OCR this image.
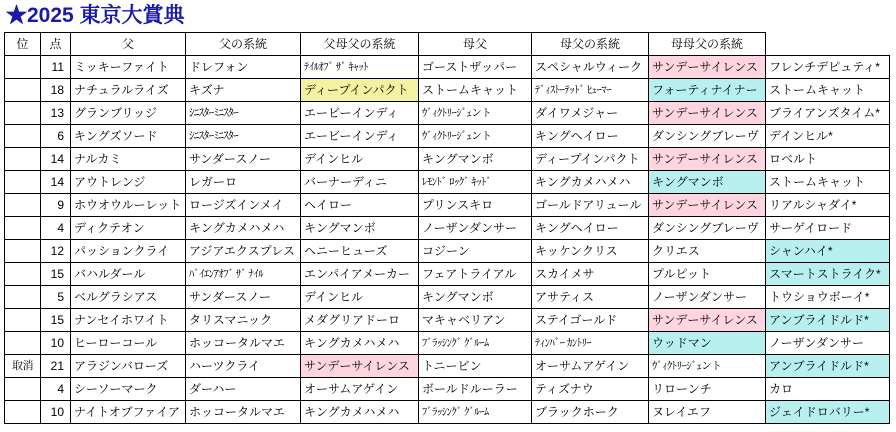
★2025 東京大賞典
位	点	父	父の系統	父母父の系統	母父	母父の系統	母母父の系統	
	11	ミッキーファイト	ドレフォン	ﾃｲﾙｵﾌﾞ ｻﾞ ｷｬｯﾄ	ゴーストザッパー	スペシャルウィーク	サンデーサイレンス	フレンチデピュティ*
	18	ナチュラルライズ	キズナ	ディープインパクト	ストームキャット	ﾃﾞｨｽﾄｰﾃｯﾄﾞ ﾋｭｰﾏｰ	フォーティナイナー	ストームキャット
	13	グランブリッジ	ｼﾆｽﾀｰﾐﾆｽﾀｰ	エービーインディ	ｳﾞｨｸﾄﾘｰｼﾞｪント	ダイワメジャー	サンデーサイレンス	ブライアンズタイム*
	6	キングズソード	ｼﾆｽﾀｰﾐﾆｽﾀｰ	エービーインディ	ｳﾞｨｸﾄﾘｰｼﾞｪント	キングヘイロー	ダンシングブレーヴ	デインヒル*
	14	ナルカミ	サンダースノー	デインヒル	キングマンボ	ディープインパクト	サンデーサイレンス	ロベルト
	14	アウトレンジ	レガーロ	バーナーディニ	ﾚﾓﾝﾄﾞ ﾛｯｸﾞ ｷｯﾄﾞ	キングカメハメハ	キングマンボ	ストームキャット
	9	ホウオウルーレット	ロージズインメイ	ヘイロー	プリンスキロ	ゴールドアリュール	サンデーサイレンス	リアルシャダイ*
	4	ディクテオン	キングカメハメハ	キングマンボ	ノーザンダンサー	キングヘイロー	ダンシングブレーヴ	サーゲイロード
	12	パッションクライ	アジアエクスプレス	ヘニーヒューズ	コジーン	キッケンクリス	クリエス	シャンハイ*
	15	バハルダール	ﾊﾞｲｴﾝｱｵﾌﾞ ｻﾞ ﾅｲﾙ	エンパイアメーカー	フェアトライアル	スカイメサ	プルピット	スマートストライク*
	5	ベルグラシアス	サンダースノー	デインヒル	キングマンボ	アサティス	ノーザンダンサー	トウショウボーイ*
	15	ナンセイホワイト	タリスマニック	メダグリアドーロ	マキャベリアン	ステイゴールド	サンデーサイレンス	アンブライドルド*
	10	ヒーローコール	ホッコータルマエ	キングカメハメハ	ﾌﾞﾗｯｼﾝｸﾞ ｸﾞﾙｰﾑ	ﾃｨﾝﾊﾞｰ ｶﾝﾄﾘｰ	ウッドマン	ノーザンダンサー
取消	21	アラジンバローズ	ハーツクライ	サンデーサイレンス	トニービン	オーサムアゲイン	ｳﾞｨｸﾄﾘｰｼﾞｪント	アンブライドルド*
	4	シーソーマーク	ダーハー	オーサムアゲイン	ボールドルーラー	ティズナウ	リローンチ	カロ
	10	ナイトオブファイア	ホッコータルマエ	キングカメハメハ	ﾌﾞﾗｯｼﾝｸﾞ ｸﾞﾙｰﾑ	ブラックホーク	ヌレイエフ	ジェイドロバリー*
